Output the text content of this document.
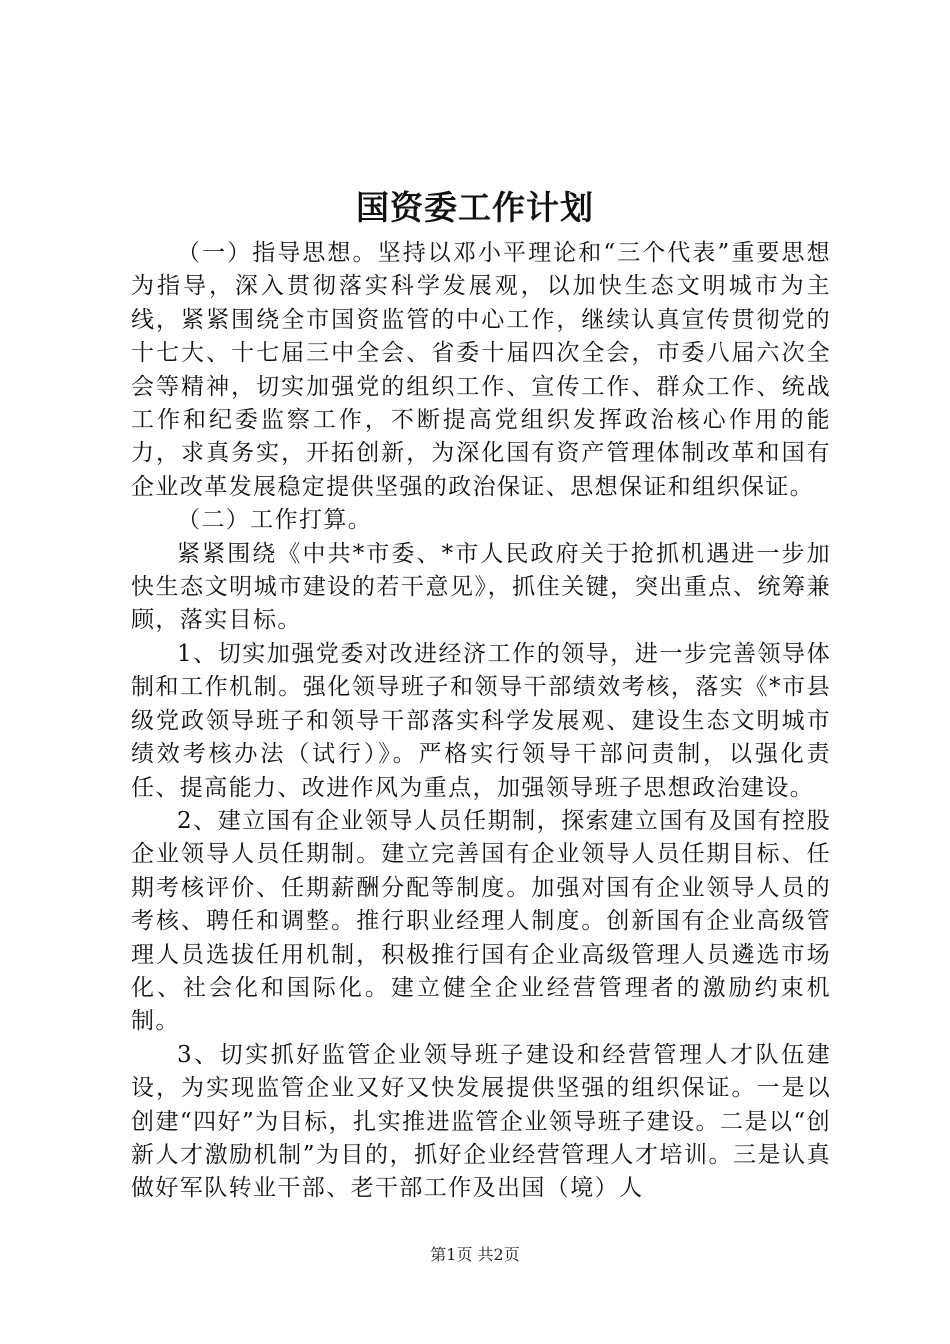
国资委工作计划

（一）指导思想。坚持以邓小平理论和“三个代表”重要思想为指导，深入贯彻落实科学发展观，以加快生态文明城市为主线，紧紧围绕全市国资监管的中心工作，继续认真宣传贯彻党的十七大、十七届三中全会、省委十届四次全会，市委八届六次全会等精神，切实加强党的组织工作、宣传工作、群众工作、统战工作和纪委监察工作，不断提高党组织发挥政治核心作用的能力，求真务实，开拓创新，为深化国有资产管理体制改革和国有企业改革发展稳定提供坚强的政治保证、思想保证和组织保证。

（二）工作打算。

紧紧围绕《中共*市委、*市人民政府关于抢抓机遇进一步加快生态文明城市建设的若干意见》，抓住关键，突出重点、统筹兼顾，落实目标。

1、切实加强党委对改进经济工作的领导，进一步完善领导体制和工作机制。强化领导班子和领导干部绩效考核，落实《*市县级党政领导班子和领导干部落实科学发展观、建设生态文明城市绩效考核办法（试行）》。严格实行领导干部问责制，以强化责任、提高能力、改进作风为重点，加强领导班子思想政治建设。

2、建立国有企业领导人员任期制，探索建立国有及国有控股企业领导人员任期制。建立完善国有企业领导人员任期目标、任期考核评价、任期薪酬分配等制度。加强对国有企业领导人员的考核、聘任和调整。推行职业经理人制度。创新国有企业高级管理人员选拔任用机制，积极推行国有企业高级管理人员遴选市场化、社会化和国际化。建立健全企业经营管理者的激励约束机制。

3、切实抓好监管企业领导班子建设和经营管理人才队伍建设，为实现监管企业又好又快发展提供坚强的组织保证。一是以创建“四好”为目标，扎实推进监管企业领导班子建设。二是以“创新人才激励机制”为目的，抓好企业经营管理人才培训。三是认真做好军队转业干部、老干部工作及出国（境）人

第1页 共2页
